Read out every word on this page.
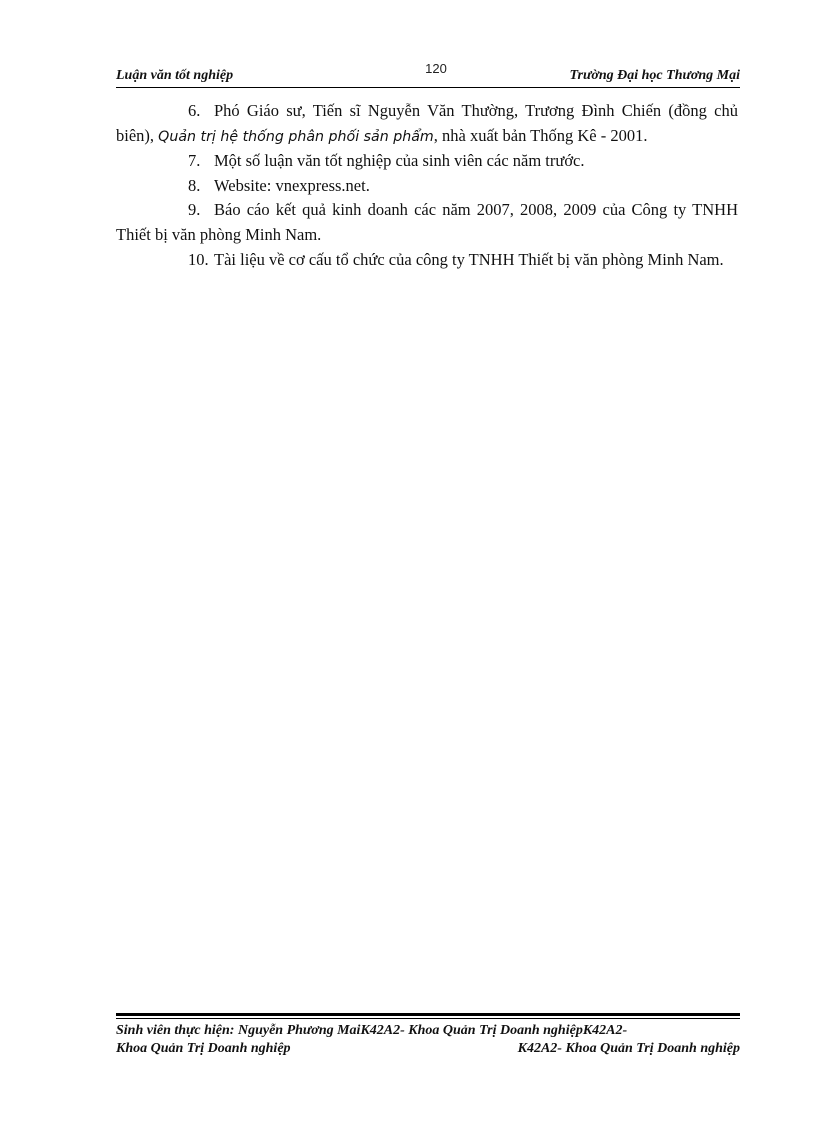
120
Luận văn tốt nghiệp	Trường Đại học Thương Mại

6. Phó Giáo sư, Tiến sĩ Nguyễn Văn Thường, Trương Đình Chiến (đồng chủ biên), Quản trị hệ thống phân phối sản phẩm, nhà xuất bản Thống Kê - 2001.

7. Một số luận văn tốt nghiệp của sinh viên các năm trước.

8. Website: vnexpress.net.

9. Báo cáo kết quả kinh doanh các năm 2007, 2008, 2009 của Công ty TNHH Thiết bị văn phòng Minh Nam.

10. Tài liệu về cơ cấu tổ chức của công ty TNHH Thiết bị văn phòng Minh Nam.

Sinh viên thực hiện: Nguyễn Phương MaiK42A2- Khoa Quản Trị Doanh nghiệpK42A2-
Khoa Quản Trị Doanh nghiệp	K42A2- Khoa Quản Trị Doanh nghiệp
